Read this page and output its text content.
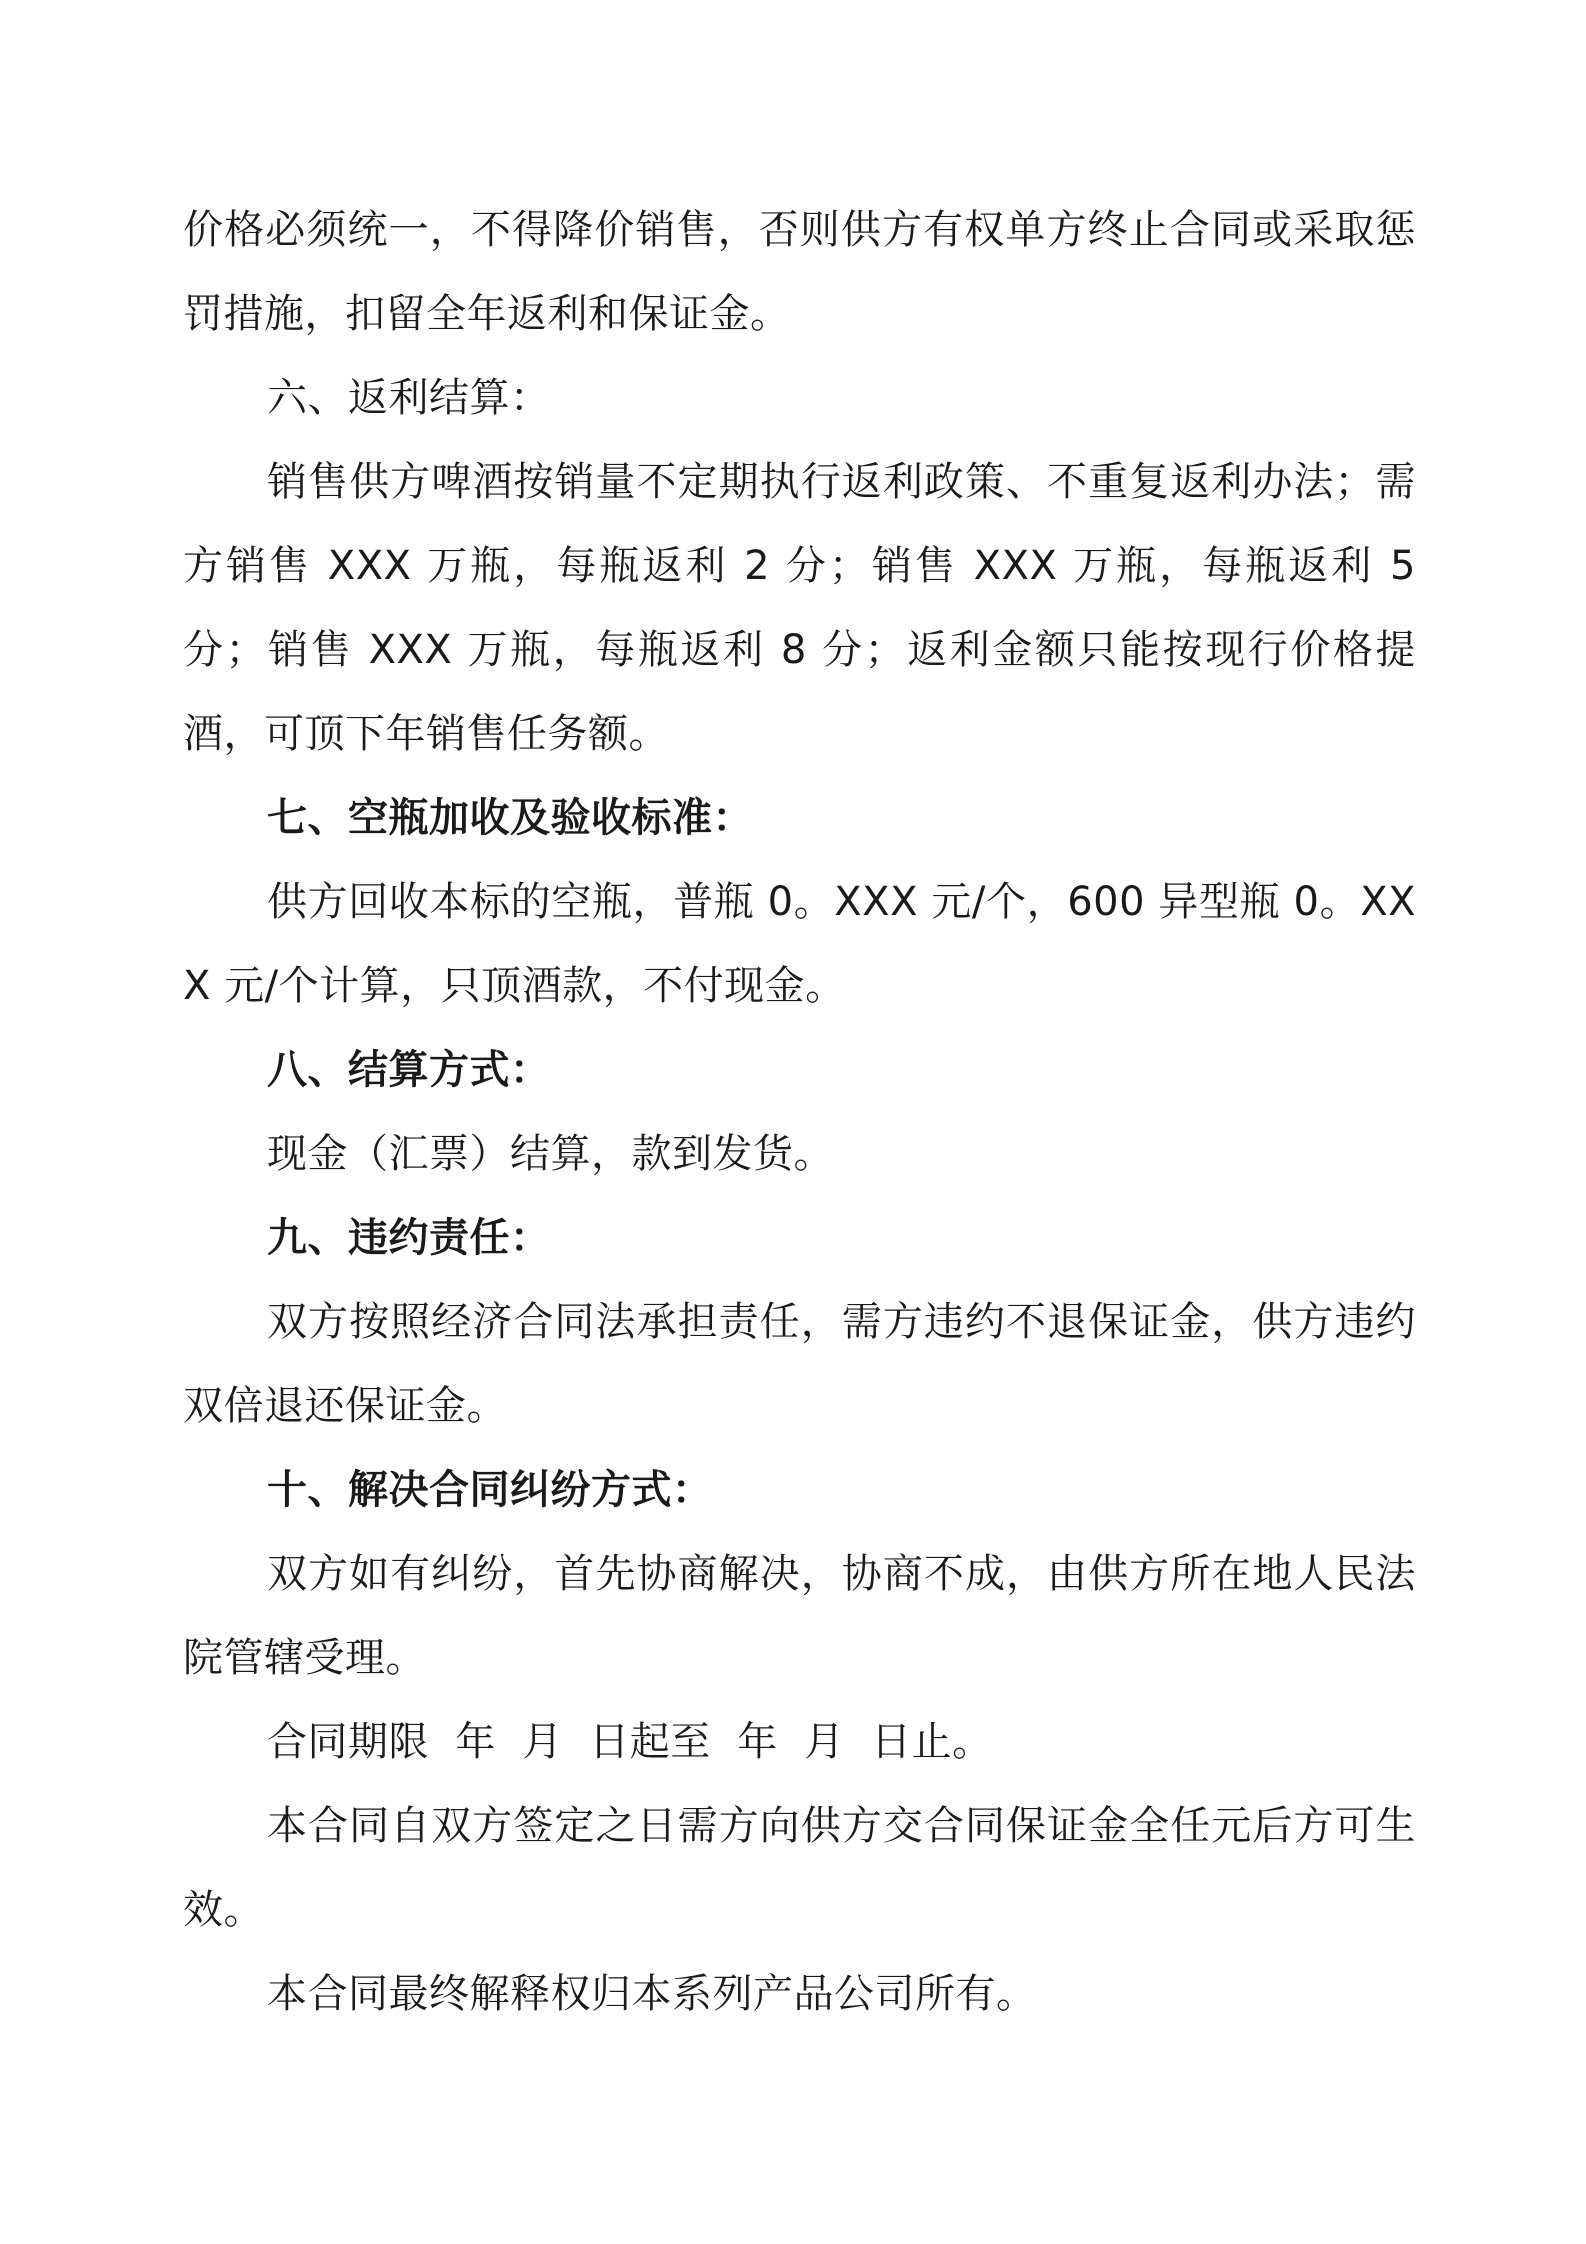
价格必须统一，不得降价销售，否则供方有权单方终止合同或采取惩罚措施，扣留全年返利和保证金。

六、返利结算：

销售供方啤酒按销量不定期执行返利政策、不重复返利办法；需方销售 XXX 万瓶，每瓶返利 2 分；销售 XXX 万瓶，每瓶返利 5 分；销售 XXX 万瓶，每瓶返利 8 分；返利金额只能按现行价格提酒，可顶下年销售任务额。

七、空瓶加收及验收标准：

供方回收本标的空瓶，普瓶 0。XXX 元/个，600 异型瓶 0。XXX 元/个计算，只顶酒款，不付现金。

八、结算方式：

现金（汇票）结算，款到发货。

九、违约责任：

双方按照经济合同法承担责任，需方违约不退保证金，供方违约双倍退还保证金。

十、解决合同纠纷方式：

双方如有纠纷，首先协商解决，协商不成，由供方所在地人民法院管辖受理。

合同期限  年  月  日起至  年  月  日止。

本合同自双方签定之日需方向供方交合同保证金全任元后方可生效。

本合同最终解释权归本系列产品公司所有。
